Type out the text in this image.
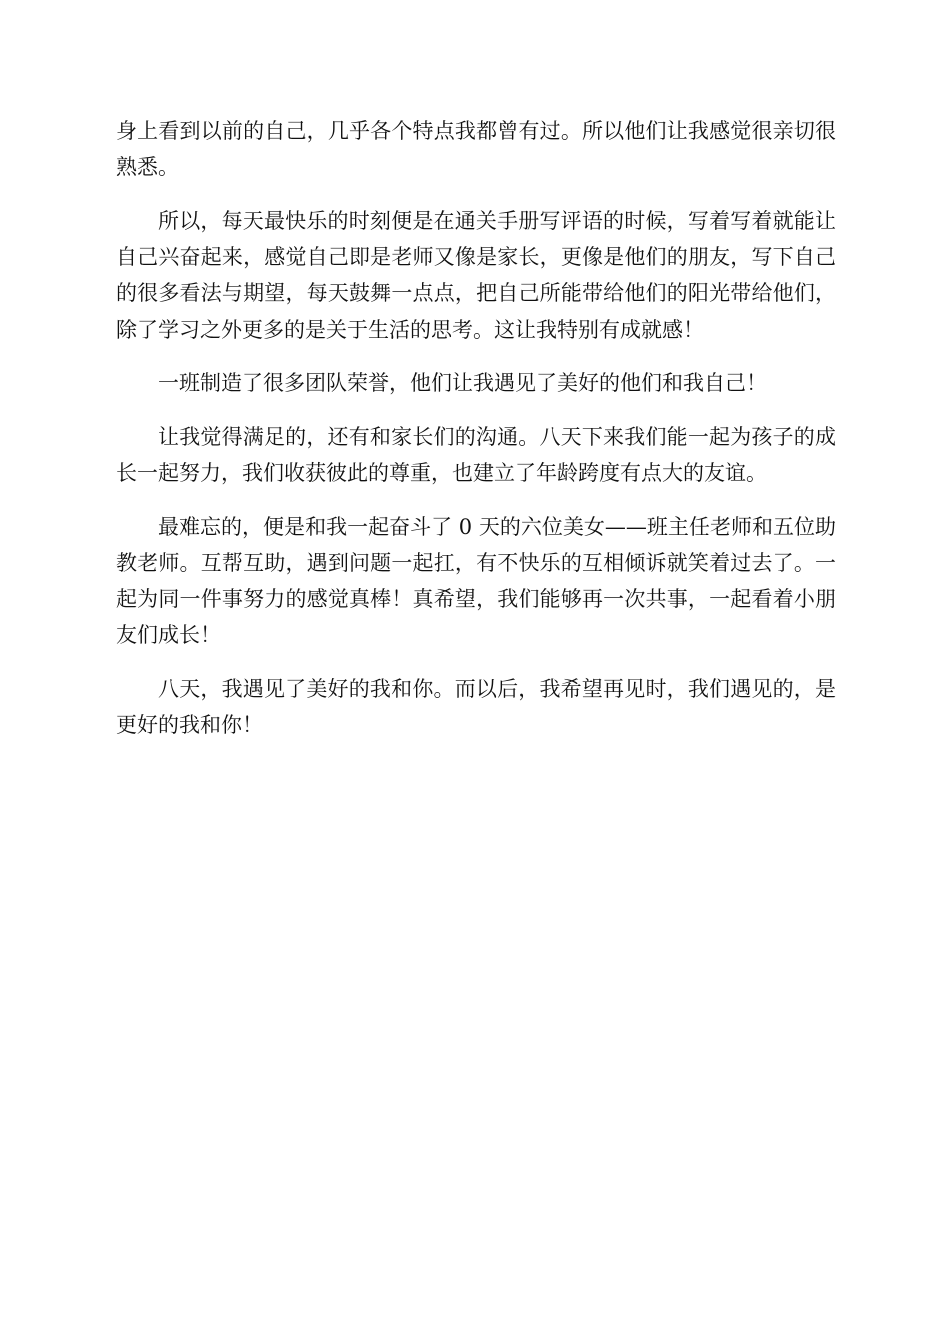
身上看到以前的自己，几乎各个特点我都曾有过。所以他们让我感觉很亲切很熟悉。

所以，每天最快乐的时刻便是在通关手册写评语的时候，写着写着就能让自己兴奋起来，感觉自己即是老师又像是家长，更像是他们的朋友，写下自己的很多看法与期望，每天鼓舞一点点，把自己所能带给他们的阳光带给他们，除了学习之外更多的是关于生活的思考。这让我特别有成就感！

一班制造了很多团队荣誉，他们让我遇见了美好的他们和我自己！

让我觉得满足的，还有和家长们的沟通。八天下来我们能一起为孩子的成长一起努力，我们收获彼此的尊重，也建立了年龄跨度有点大的友谊。

最难忘的，便是和我一起奋斗了 0 天的六位美女——班主任老师和五位助教老师。互帮互助，遇到问题一起扛，有不快乐的互相倾诉就笑着过去了。一起为同一件事努力的感觉真棒！真希望，我们能够再一次共事，一起看着小朋友们成长！

八天，我遇见了美好的我和你。而以后，我希望再见时，我们遇见的，是更好的我和你！
